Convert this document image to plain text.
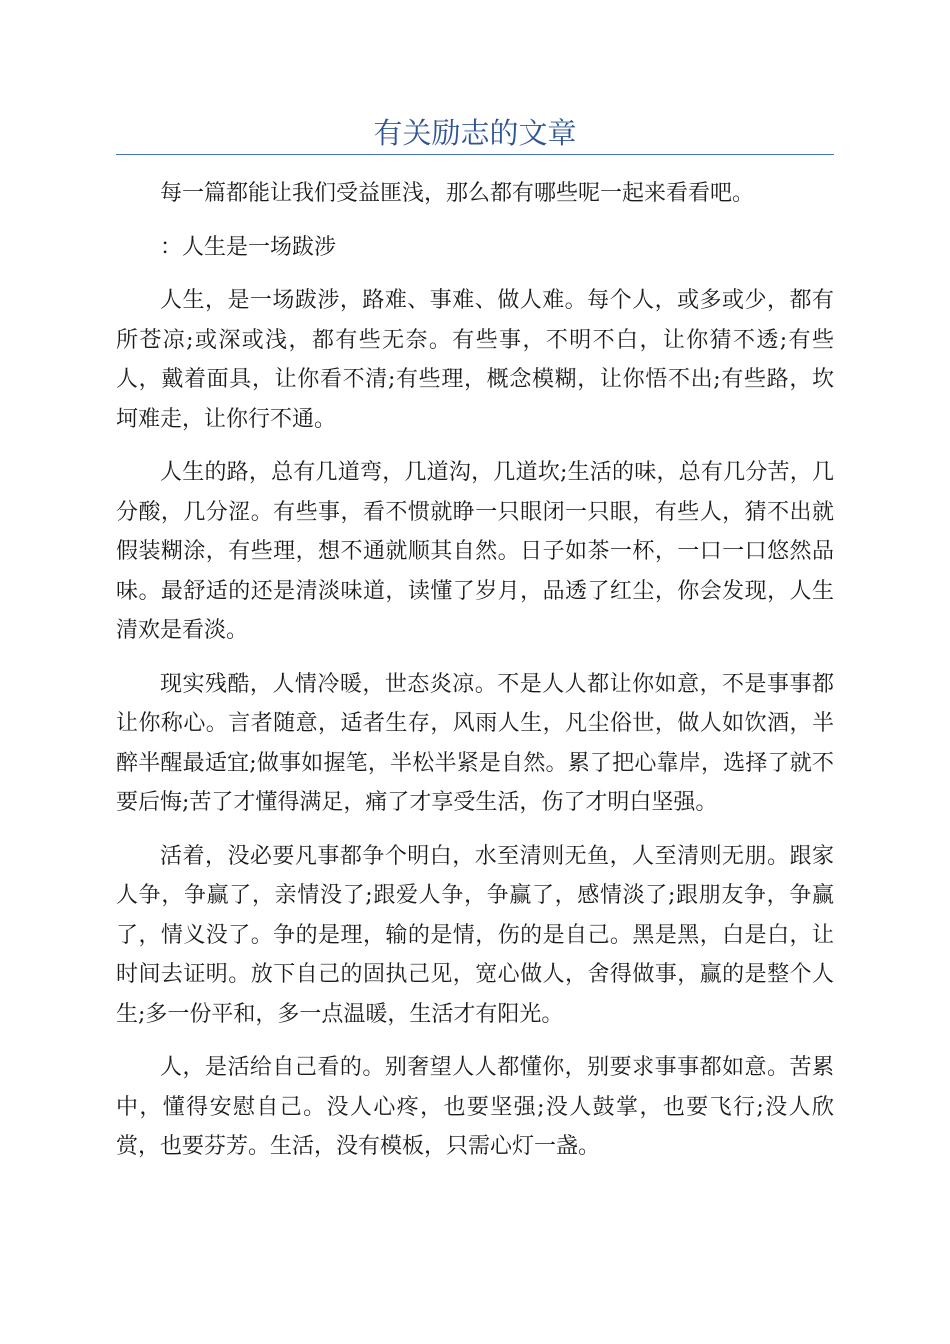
有关励志的文章

每一篇都能让我们受益匪浅，那么都有哪些呢一起来看看吧。

：人生是一场跋涉

人生，是一场跋涉，路难、事难、做人难。每个人，或多或少，都有所苍凉;或深或浅，都有些无奈。有些事，不明不白，让你猜不透;有些人，戴着面具，让你看不清;有些理，概念模糊，让你悟不出;有些路，坎坷难走，让你行不通。

人生的路，总有几道弯，几道沟，几道坎;生活的味，总有几分苦，几分酸，几分涩。有些事，看不惯就睁一只眼闭一只眼，有些人，猜不出就假装糊涂，有些理，想不通就顺其自然。日子如茶一杯，一口一口悠然品味。最舒适的还是清淡味道，读懂了岁月，品透了红尘，你会发现，人生清欢是看淡。

现实残酷，人情冷暖，世态炎凉。不是人人都让你如意，不是事事都让你称心。言者随意，适者生存，风雨人生，凡尘俗世，做人如饮酒，半醉半醒最适宜;做事如握笔，半松半紧是自然。累了把心靠岸，选择了就不要后悔;苦了才懂得满足，痛了才享受生活，伤了才明白坚强。

活着，没必要凡事都争个明白，水至清则无鱼，人至清则无朋。跟家人争，争赢了，亲情没了;跟爱人争，争赢了，感情淡了;跟朋友争，争赢了，情义没了。争的是理，输的是情，伤的是自己。黑是黑，白是白，让时间去证明。放下自己的固执己见，宽心做人，舍得做事，赢的是整个人生;多一份平和，多一点温暖，生活才有阳光。

人，是活给自己看的。别奢望人人都懂你，别要求事事都如意。苦累中，懂得安慰自己。没人心疼，也要坚强;没人鼓掌，也要飞行;没人欣赏，也要芬芳。生活，没有模板，只需心灯一盏。
